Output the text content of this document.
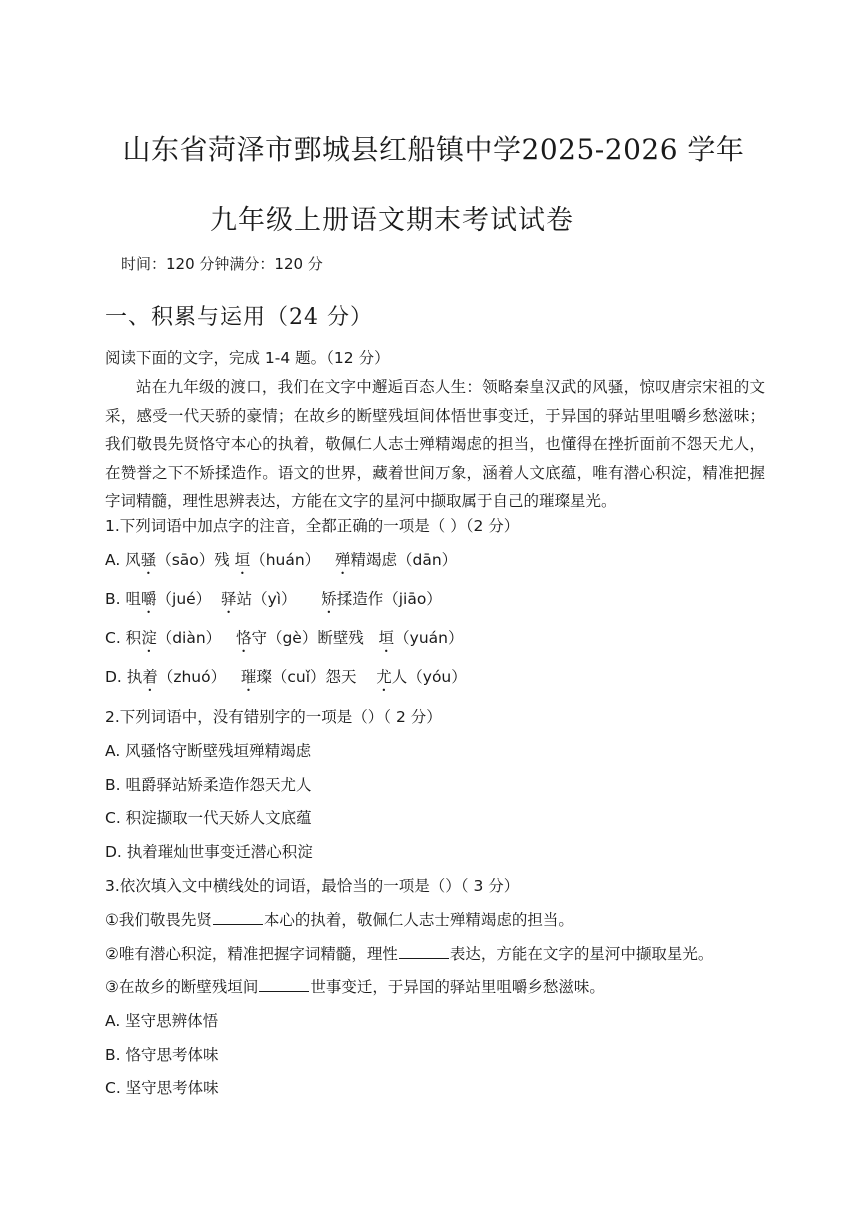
山东省菏泽市鄄城县红船镇中学2025-2026 学年
九年级上册语文期末考试试卷
时间：120 分钟满分：120 分
一、积累与运用（24 分）
阅读下面的文字，完成 1-4 题。（12 分）
站在九年级的渡口，我们在文字中邂逅百态人生：领略秦皇汉武的风骚，惊叹唐宗宋祖的文采，感受一代天骄的豪情；在故乡的断壁残垣间体悟世事变迁，于异国的驿站里咀嚼乡愁滋味；我们敬畏先贤恪守本心的执着，敬佩仁人志士殚精竭虑的担当，也懂得在挫折面前不怨天尤人，在赞誉之下不矫揉造作。语文的世界，藏着世间万象，涵着人文底蕴，唯有潜心积淀，精准把握字词精髓，理性思辨表达，方能在文字的星河中撷取属于自己的璀璨星光。
1.下列词语中加点字的注音，全都正确的一项是（ ）（2 分）
A. 风骚（sāo）残 垣（huán）   殚精竭虑（dān）
B. 咀嚼（jué）  驿站（yì）     矫揉造作（jiāo）
C. 积淀（diàn）   恪守（gè）断壁残   垣（yuán）
D. 执着（zhuó）   璀璨（cuǐ）怨天    尤人（yóu）
2.下列词语中，没有错别字的一项是（）（ 2 分）
A. 风骚恪守断壁残垣殚精竭虑
B. 咀爵驿站矫柔造作怨天尤人
C. 积淀撷取一代天娇人文底蕴
D. 执着璀灿世事变迁潜心积淀
3.依次填入文中横线处的词语，最恰当的一项是（）（ 3 分）
①我们敬畏先贤	本心的执着，敬佩仁人志士殚精竭虑的担当。
②唯有潜心积淀，精准把握字词精髓，理性	表达，方能在文字的星河中撷取星光。
③在故乡的断壁残垣间	世事变迁，于异国的驿站里咀嚼乡愁滋味。
A. 坚守思辨体悟
B. 恪守思考体味
C. 坚守思考体味
